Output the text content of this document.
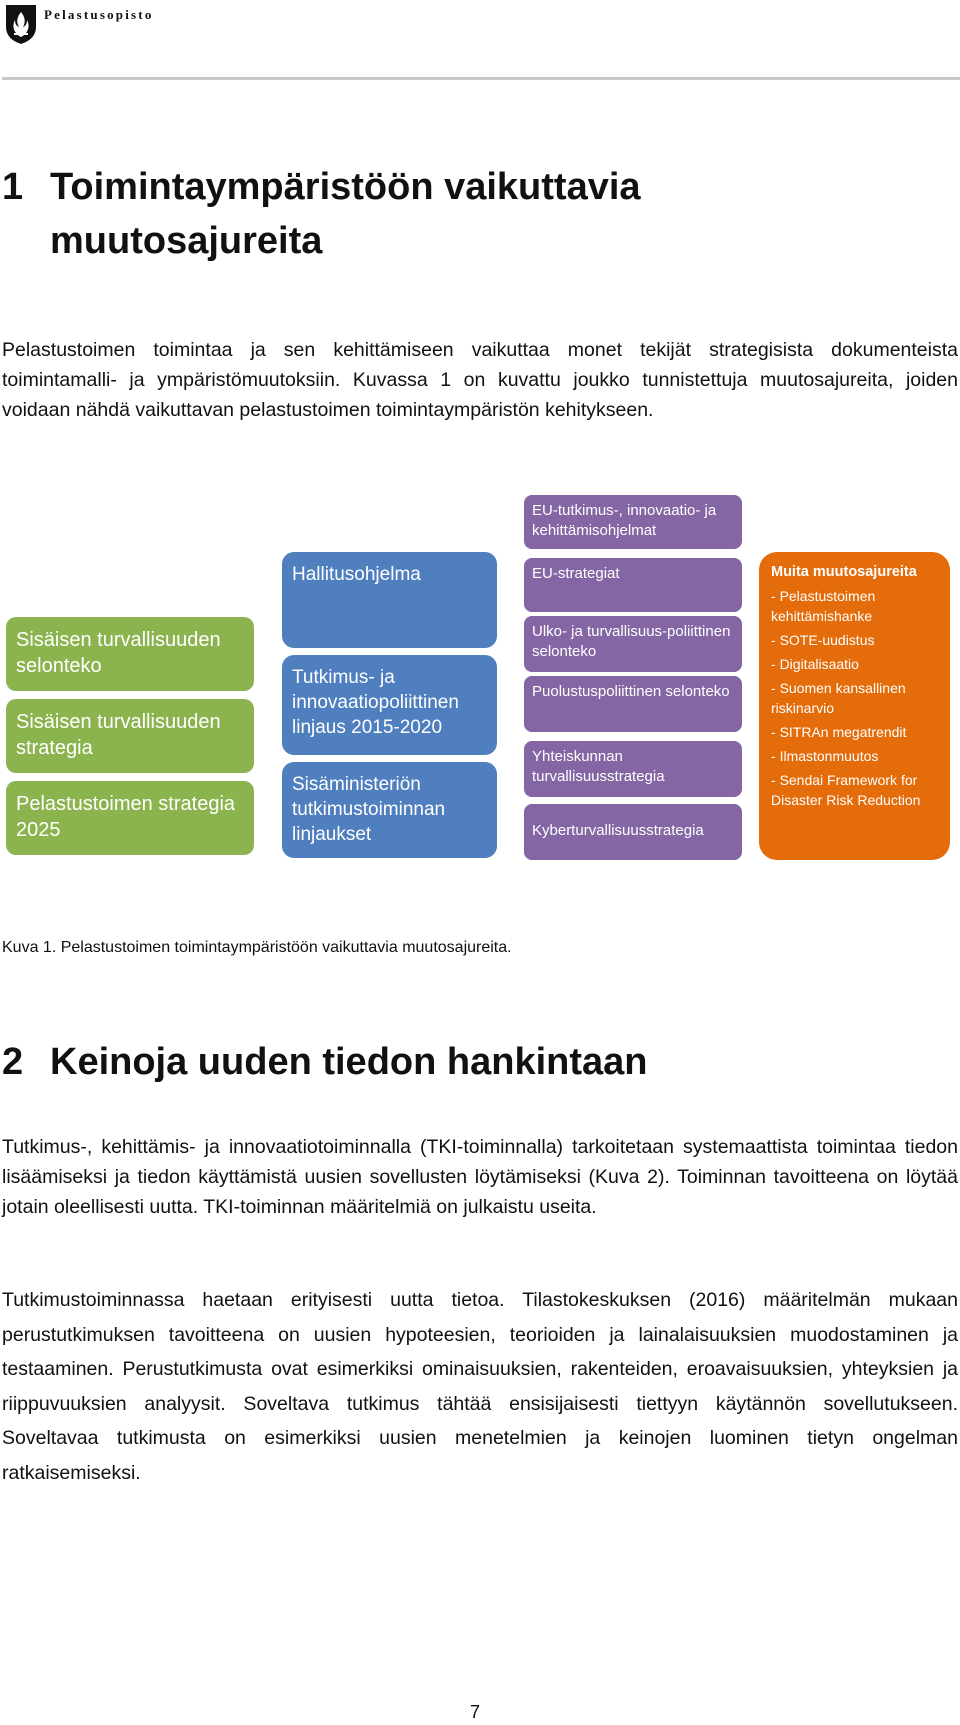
Pelastusopisto
1 Toimintaympäristöön vaikuttavia muutosajureita

Pelastustoimen toimintaa ja sen kehittämiseen vaikuttaa monet tekijät strategisista dokumenteista toimintamalli- ja ympäristömuutoksiin. Kuvassa 1 on kuvattu joukko tunnistettuja muutosajureita, joiden voidaan nähdä vaikuttavan pelastustoimen toimintaympäristön kehitykseen.

Sisäisen turvallisuuden selonteko
Sisäisen turvallisuuden strategia
Pelastustoimen strategia 2025
Hallitusohjelma
Tutkimus- ja innovaatiopoliittinen linjaus 2015-2020
Sisäministeriön tutkimustoiminnan linjaukset
EU-tutkimus-, innovaatio- ja kehittämisohjelmat
EU-strategiat
Ulko- ja turvallisuus-poliittinen selonteko
Puolustuspoliittinen selonteko
Yhteiskunnan turvallisuusstrategia
Kyberturvallisuusstrategia
Muita muutosajureita
- Pelastustoimen kehittämishanke
- SOTE-uudistus
- Digitalisaatio
- Suomen kansallinen riskinarvio
- SITRAn megatrendit
- Ilmastonmuutos
- Sendai Framework for Disaster Risk Reduction

Kuva 1. Pelastustoimen toimintaympäristöön vaikuttavia muutosajureita.

2 Keinoja uuden tiedon hankintaan

Tutkimus-, kehittämis- ja innovaatiotoiminnalla (TKI-toiminnalla) tarkoitetaan systemaattista toimintaa tiedon lisäämiseksi ja tiedon käyttämistä uusien sovellusten löytämiseksi (Kuva 2). Toiminnan tavoitteena on löytää jotain oleellisesti uutta. TKI-toiminnan määritelmiä on julkaistu useita.

Tutkimustoiminnassa haetaan erityisesti uutta tietoa. Tilastokeskuksen (2016) määritelmän mukaan perustutkimuksen tavoitteena on uusien hypoteesien, teorioiden ja lainalaisuuksien muodostaminen ja testaaminen. Perustutkimusta ovat esimerkiksi ominaisuuksien, rakenteiden, eroavaisuuksien, yhteyksien ja riippuvuuksien analyysit. Soveltava tutkimus tähtää ensisijaisesti tiettyyn käytännön sovellutukseen. Soveltavaa tutkimusta on esimerkiksi uusien menetelmien ja keinojen luominen tietyn ongelman ratkaisemiseksi.

7
